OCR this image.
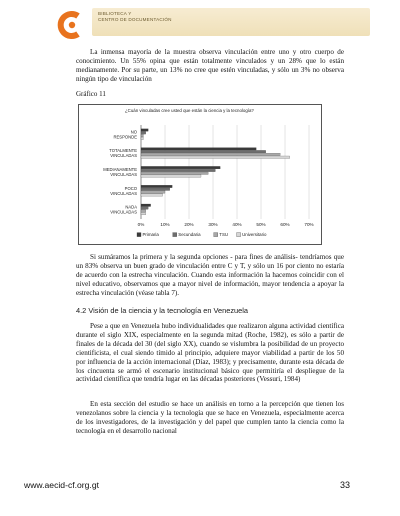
BIBLIOTECA Y
CENTRO DE DOCUMENTACIÓN

La inmensa mayoría de la muestra observa vinculación entre uno y otro cuerpo de conocimiento. Un 55% opina que están totalmente vinculados y un 28% que lo están medianamente. Por su parte, un 13% no cree que estén vinculadas, y sólo un 3% no observa ningún tipo de vinculación

Gráfico 11
¿Cuán vinculadas cree usted que están la ciencia y la tecnología?
0%	10%	20%	30%	40%	50%	60%	70%
NO
RESPONDE
TOTALMENTE
VINCULADAS
MEDIANAMENTE
VINCULADAS
POCO
VINCULADAS
NADA
VINCULADAS
Primaria	Secundaria	TSU	Universitario

Si sumáramos la primera y la segunda opciones - para fines de análisis- tendríamos que un 83% observa un buen grado de vinculación entre C y T, y sólo un 16 por ciento no estaría de acuerdo con la estrecha vinculación. Cuando esta información la hacemos coincidir con el nivel educativo, observamos que a mayor nivel de información, mayor tendencia a apoyar la estrecha vinculación (véase tabla 7).

4.2 Visión de la ciencia y la tecnología en Venezuela

Pese a que en Venezuela hubo individualidades que realizaron alguna actividad científica durante el siglo XIX, especialmente en la segunda mitad (Roche, 1982), es sólo a partir de finales de la década del 30 (del siglo XX), cuando se vislumbra la posibilidad de un proyecto cientificista, el cual siendo tímido al principio, adquiere mayor viabilidad a partir de los 50 por influencia de la acción internacional (Díaz, 1983); y precisamente, durante esta década de los cincuenta se armó el escenario institucional básico que permitiría el despliegue de la actividad científica que tendría lugar en las décadas posteriores (Vessuri, 1984)

En esta sección del estudio se hace un análisis en torno a la percepción que tienen los venezolanos sobre la ciencia y la tecnología que se hace en Venezuela, especialmente acerca de los investigadores, de la investigación y del papel que cumplen tanto la ciencia como la tecnología en el desarrollo nacional

www.aecid-cf.org.gt	33
